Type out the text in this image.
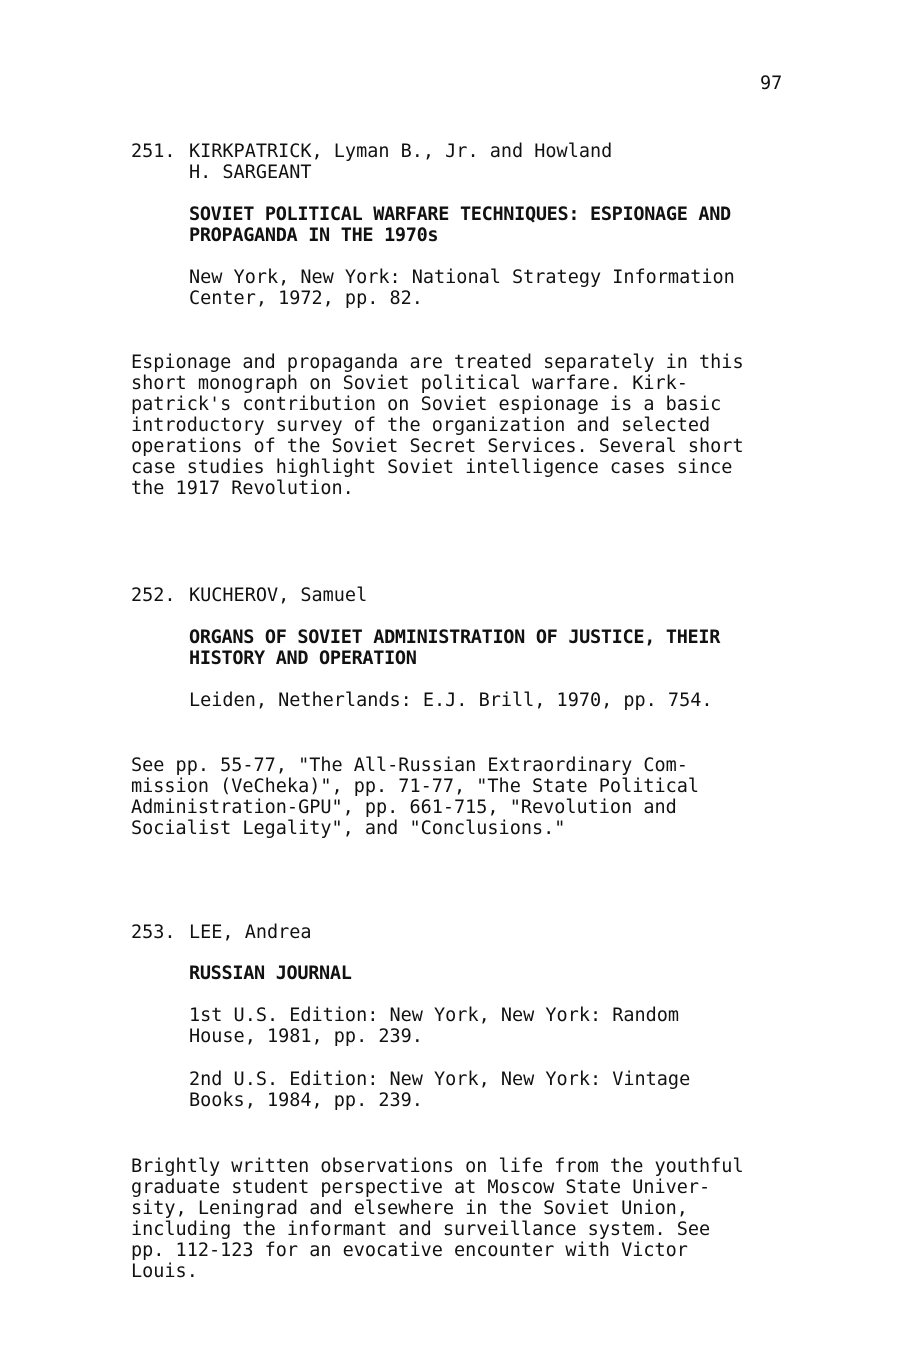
97
251. KIRKPATRICK, Lyman B., Jr. and Howland
H. SARGEANT
SOVIET POLITICAL WARFARE TECHNIQUES: ESPIONAGE AND
PROPAGANDA IN THE 1970s
New York, New York: National Strategy Information
Center, 1972, pp. 82.
Espionage and propaganda are treated separately in this
short monograph on Soviet political warfare. Kirk-
patrick's contribution on Soviet espionage is a basic
introductory survey of the organization and selected
operations of the Soviet Secret Services. Several short
case studies highlight Soviet intelligence cases since
the 1917 Revolution.
252. KUCHEROV, Samuel
ORGANS OF SOVIET ADMINISTRATION OF JUSTICE, THEIR
HISTORY AND OPERATION
Leiden, Netherlands: E.J. Brill, 1970, pp. 754.
See pp. 55-77, "The All-Russian Extraordinary Com-
mission (VeCheka)", pp. 71-77, "The State Political
Administration-GPU", pp. 661-715, "Revolution and
Socialist Legality", and "Conclusions."
253. LEE, Andrea
RUSSIAN JOURNAL
1st U.S. Edition: New York, New York: Random
House, 1981, pp. 239.
2nd U.S. Edition: New York, New York: Vintage
Books, 1984, pp. 239.
Brightly written observations on life from the youthful
graduate student perspective at Moscow State Univer-
sity, Leningrad and elsewhere in the Soviet Union,
including the informant and surveillance system. See
pp. 112-123 for an evocative encounter with Victor
Louis.
